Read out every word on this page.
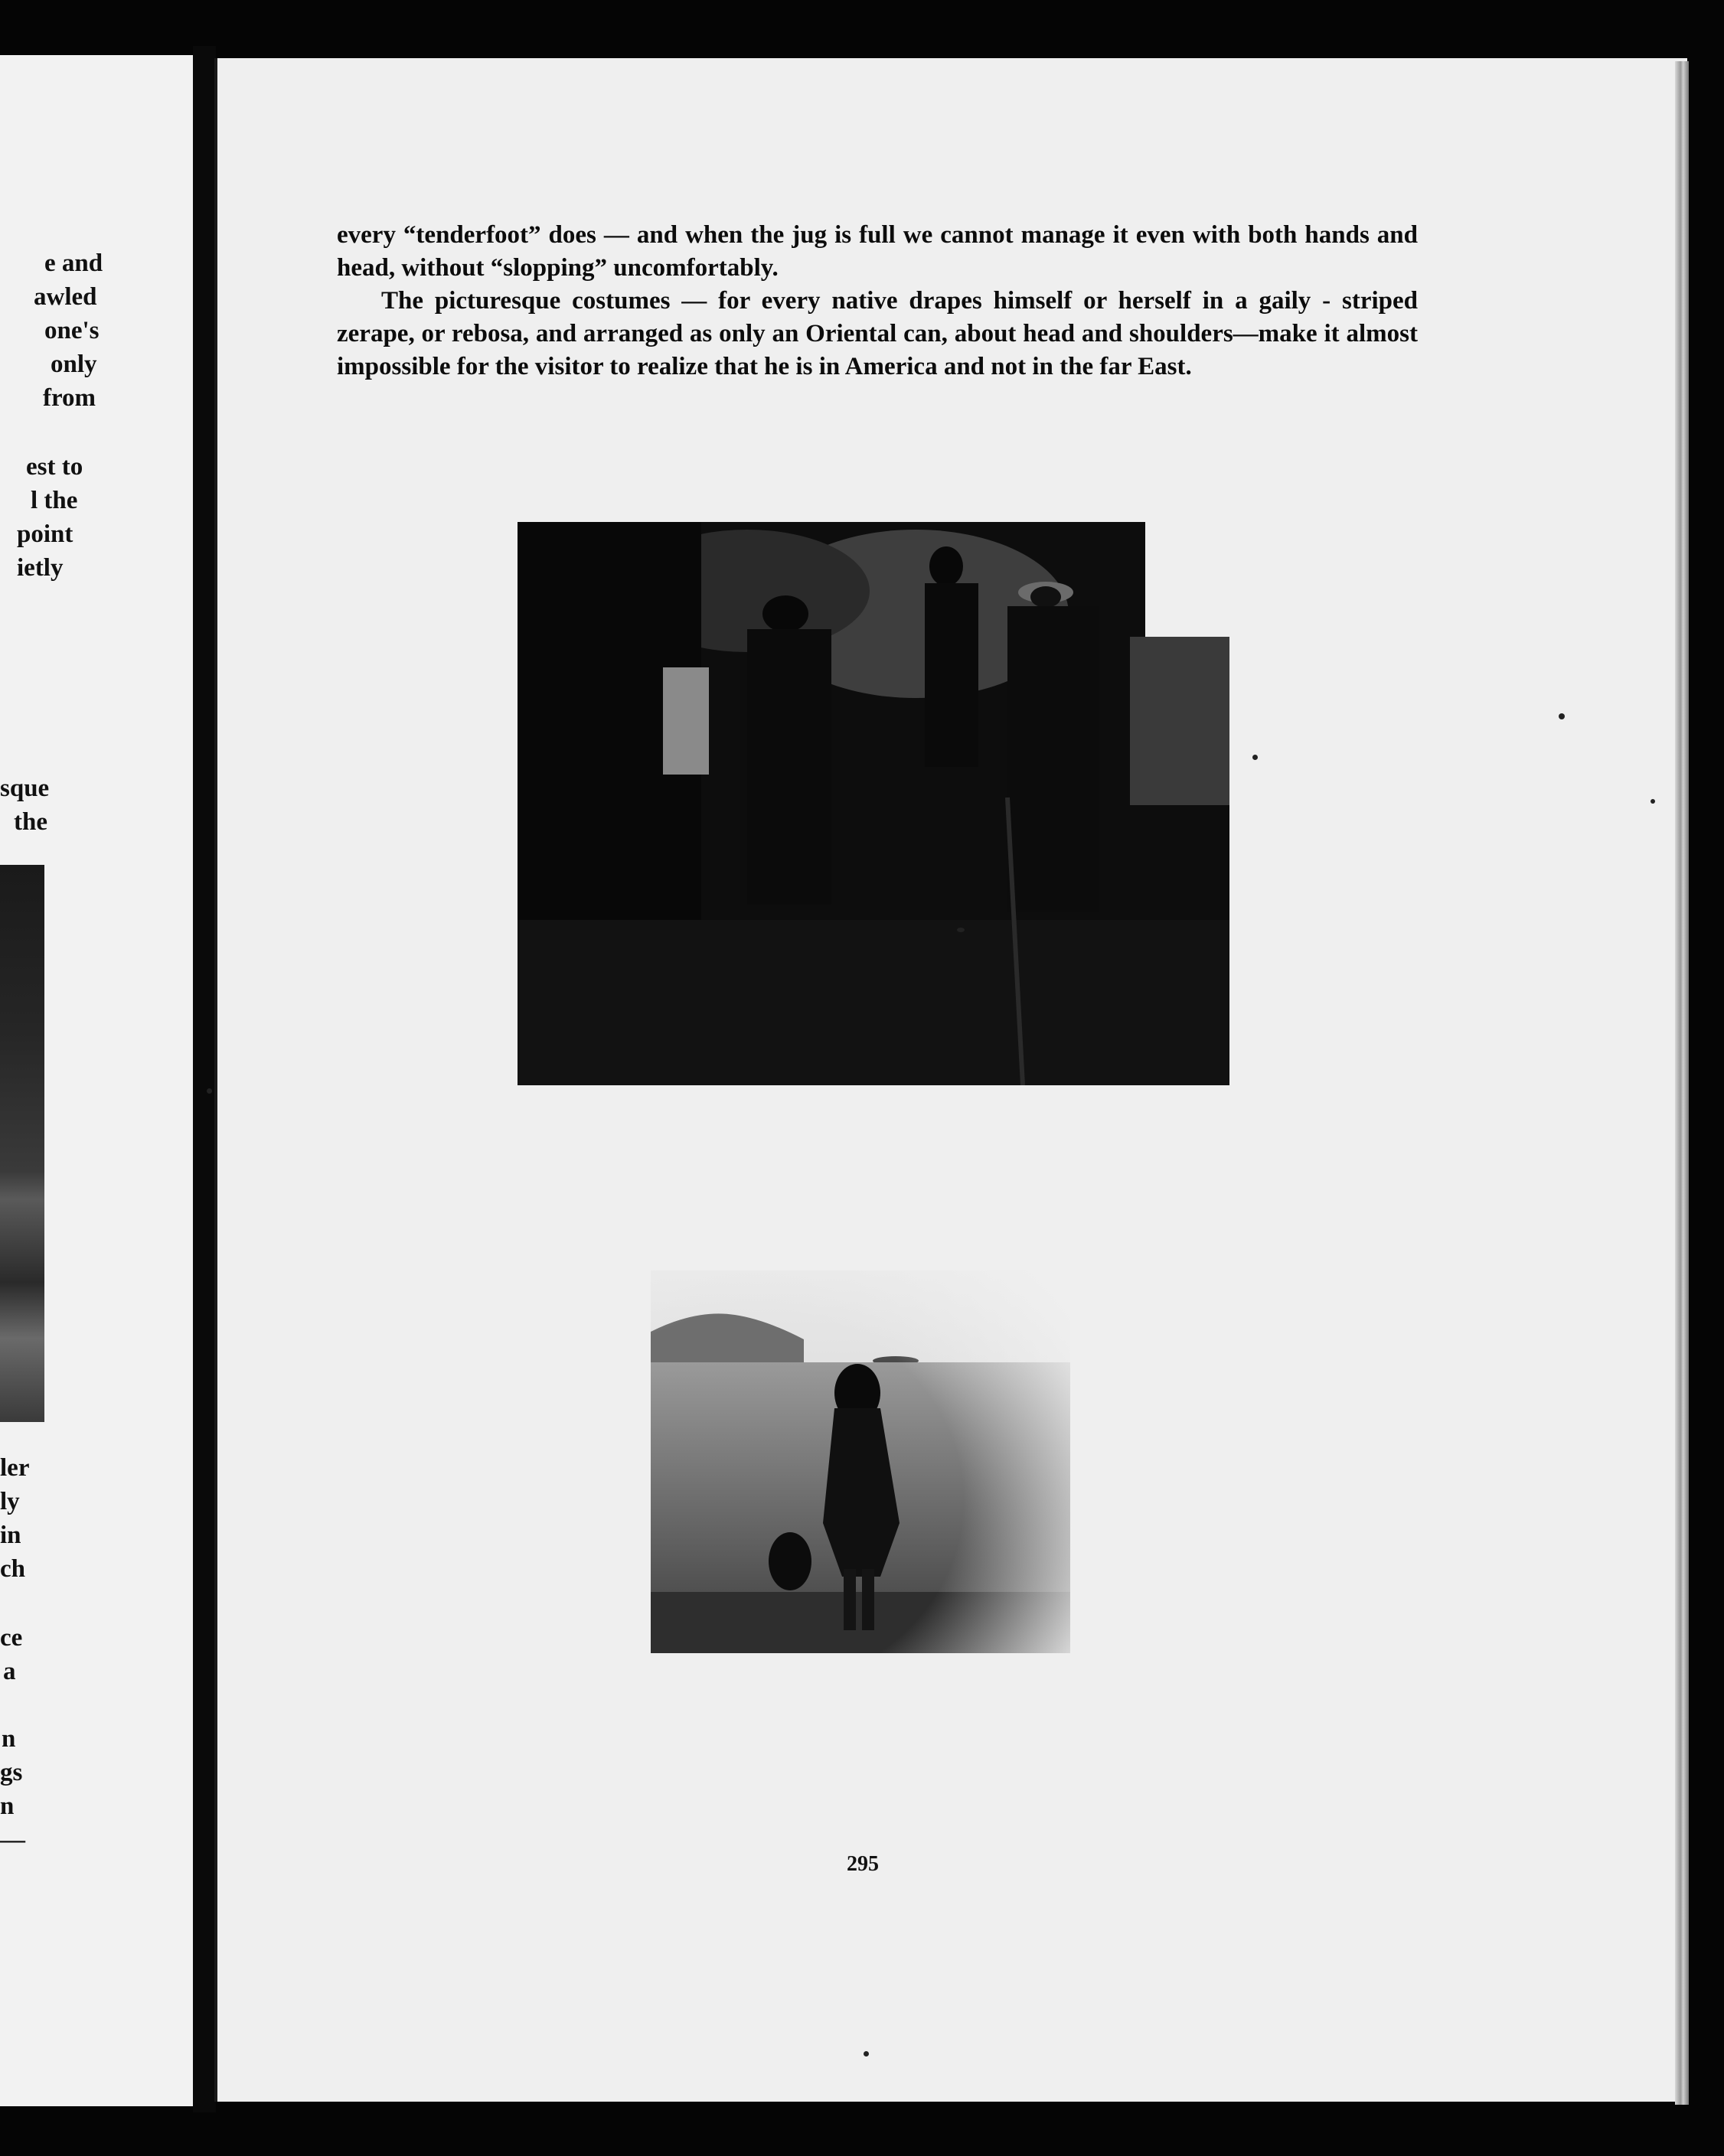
e and
awled
one's
only
from
est to
l the
point
ietly
sque
the
ler
ly
in
ch
ce
a
n
gs
n
—

every “tenderfoot” does — and when the jug is full we cannot manage it even with both hands and head, without “slopping” uncomfortably.

The picturesque costumes — for every native drapes himself or herself in a gaily - striped zerape, or rebosa, and arranged as only an Oriental can, about head and shoulders—make it almost impossible for the visitor to realize that he is in America and not in the far East.

295
